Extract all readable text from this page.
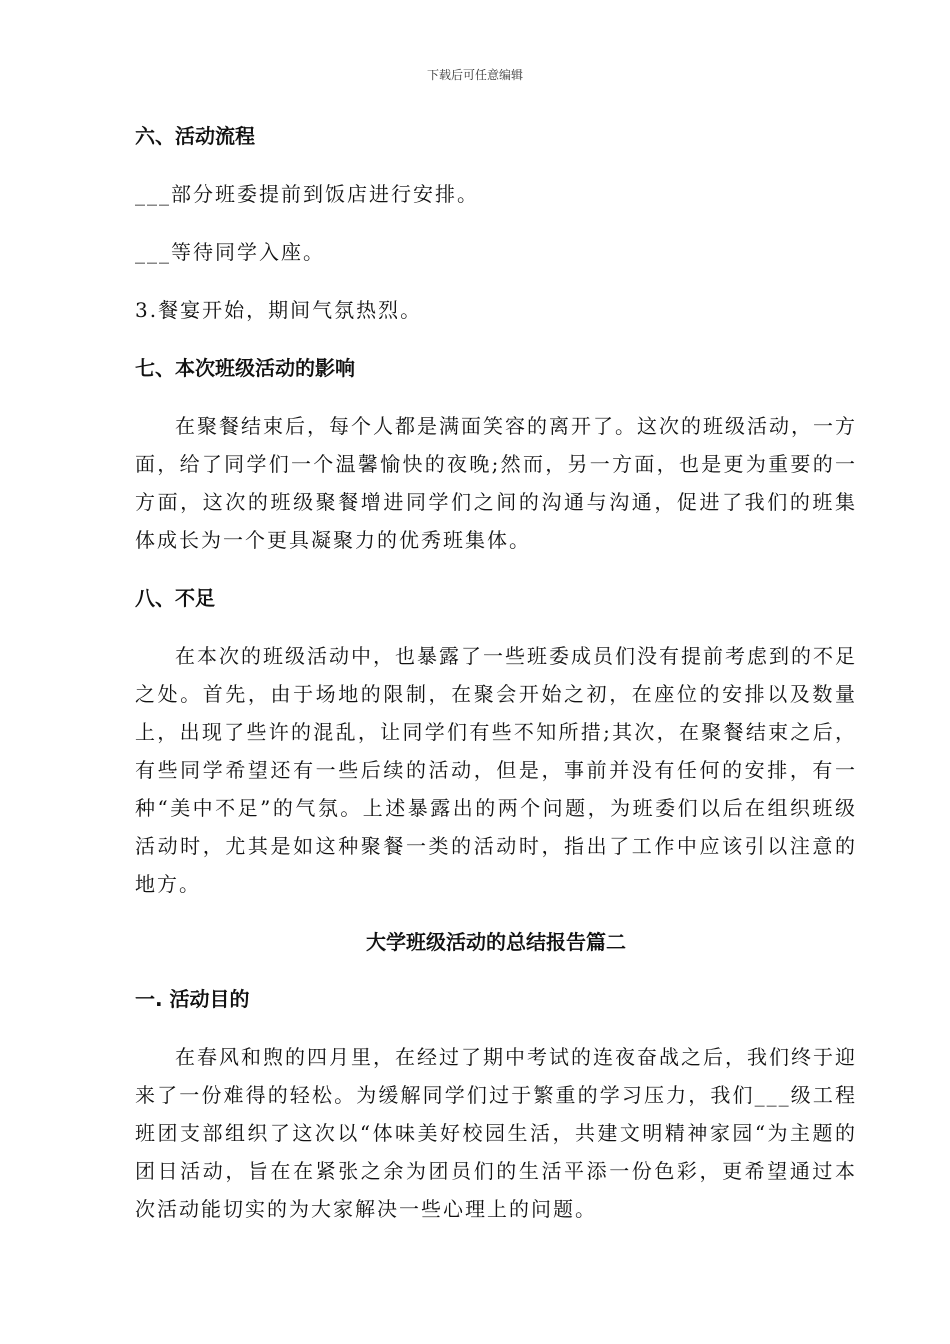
下载后可任意编辑

六、活动流程

___部分班委提前到饭店进行安排。

___等待同学入座。

3.餐宴开始，期间气氛热烈。

七、本次班级活动的影响

在聚餐结束后，每个人都是满面笑容的离开了。这次的班级活动，一方面，给了同学们一个温馨愉快的夜晚;然而，另一方面，也是更为重要的一方面，这次的班级聚餐增进同学们之间的沟通与沟通，促进了我们的班集体成长为一个更具凝聚力的优秀班集体。

八、不足

在本次的班级活动中，也暴露了一些班委成员们没有提前考虑到的不足之处。首先，由于场地的限制，在聚会开始之初，在座位的安排以及数量上，出现了些许的混乱，让同学们有些不知所措;其次，在聚餐结束之后，有些同学希望还有一些后续的活动，但是，事前并没有任何的安排，有一种“美中不足”的气氛。上述暴露出的两个问题，为班委们以后在组织班级活动时，尤其是如这种聚餐一类的活动时，指出了工作中应该引以注意的地方。

大学班级活动的总结报告篇二

一. 活动目的

在春风和煦的四月里，在经过了期中考试的连夜奋战之后，我们终于迎来了一份难得的轻松。为缓解同学们过于繁重的学习压力，我们___级工程班团支部组织了这次以“体味美好校园生活，共建文明精神家园“为主题的团日活动，旨在在紧张之余为团员们的生活平添一份色彩，更希望通过本次活动能切实的为大家解决一些心理上的问题。
